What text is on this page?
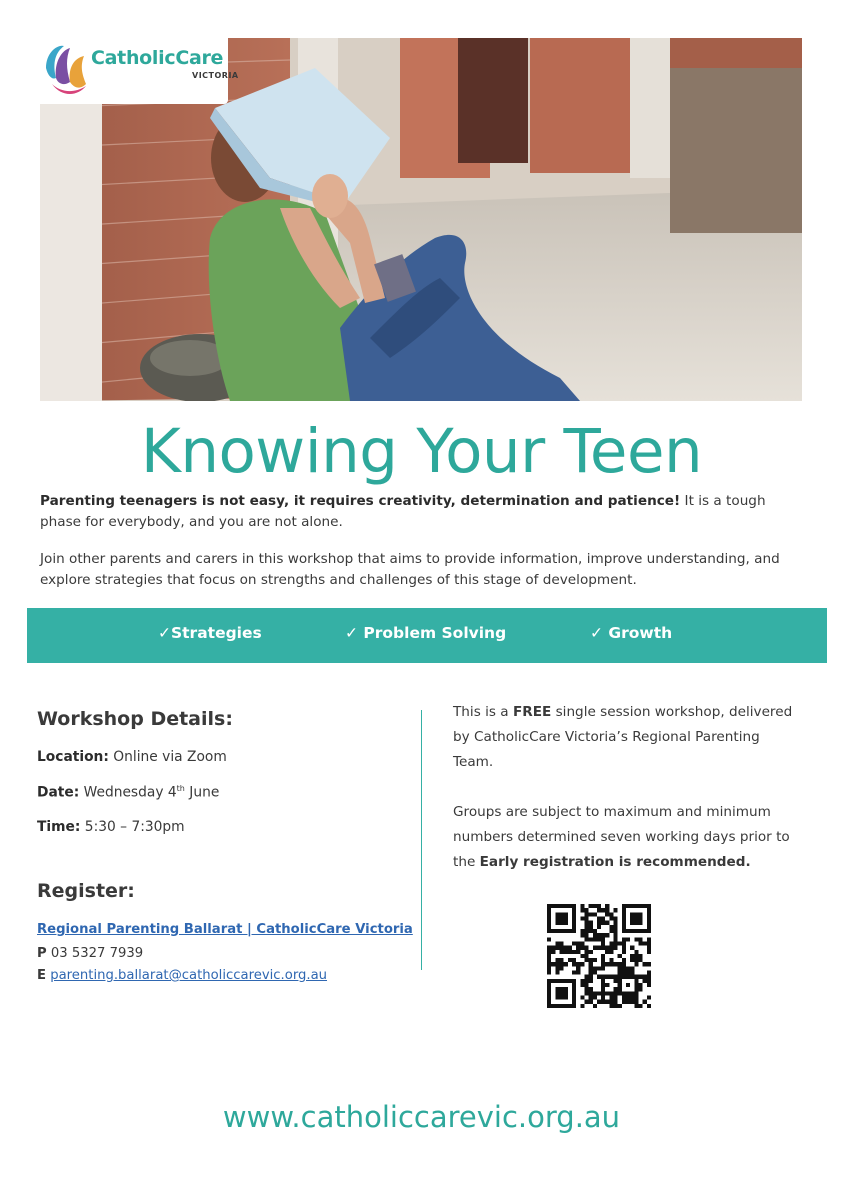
CatholicCare
VICTORIA
Knowing Your Teen

Parenting teenagers is not easy, it requires creativity, determination and patience! It is a tough phase for everybody, and you are not alone.

Join other parents and carers in this workshop that aims to provide information, improve understanding, and explore strategies that focus on strengths and challenges of this stage of development.

✓Strategies	✓ Problem Solving	✓ Growth
Workshop Details:
Location: Online via Zoom
Date: Wednesday 4th June
Time: 5:30 – 7:30pm
Register:
Regional Parenting Ballarat | CatholicCare Victoria
P 03 5327 7939
E parenting.ballarat@catholiccarevic.org.au

This is a FREE single session workshop, delivered by CatholicCare Victoria’s Regional Parenting Team.

Groups are subject to maximum and minimum numbers determined seven working days prior to the Early registration is recommended.

www.catholiccarevic.org.au
